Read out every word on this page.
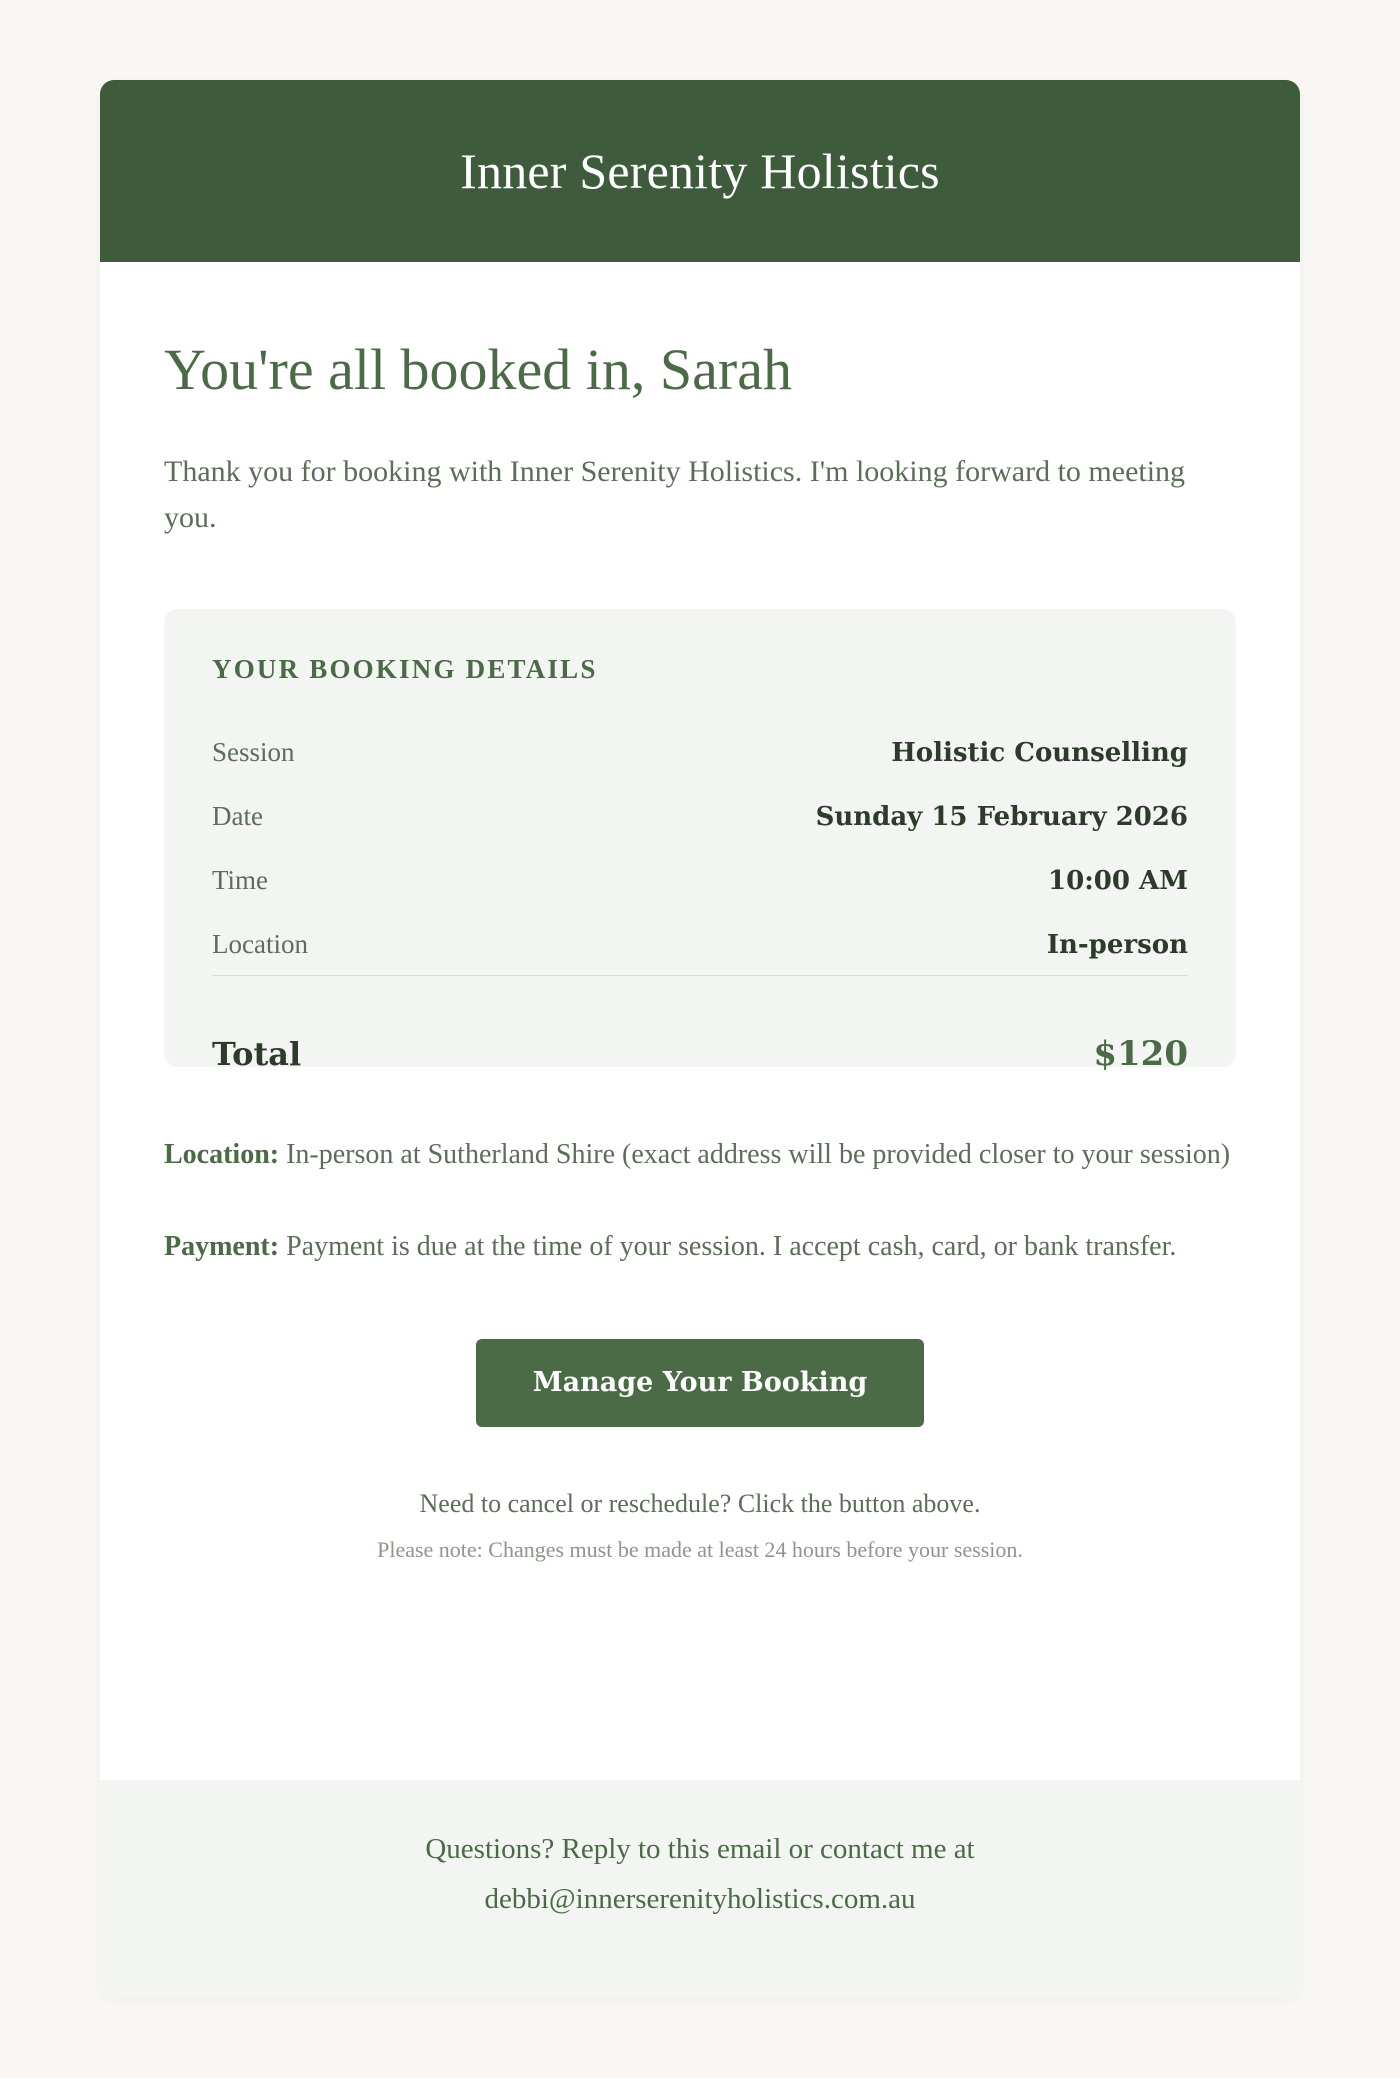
Inner Serenity Holistics
You're all booked in, Sarah

Thank you for booking with Inner Serenity Holistics. I'm looking forward to meeting you.

YOUR BOOKING DETAILS
Session	Holistic Counselling
Date	Sunday 15 February 2026
Time	10:00 AM
Location	In-person
Total	$120
Location: In-person at Sutherland Shire (exact address will be provided closer to your session)
Payment: Payment is due at the time of your session. I accept cash, card, or bank transfer.
Manage Your Booking
Need to cancel or reschedule? Click the button above.
Please note: Changes must be made at least 24 hours before your session.
Questions? Reply to this email or contact me at
debbi@innerserenityholistics.com.au
